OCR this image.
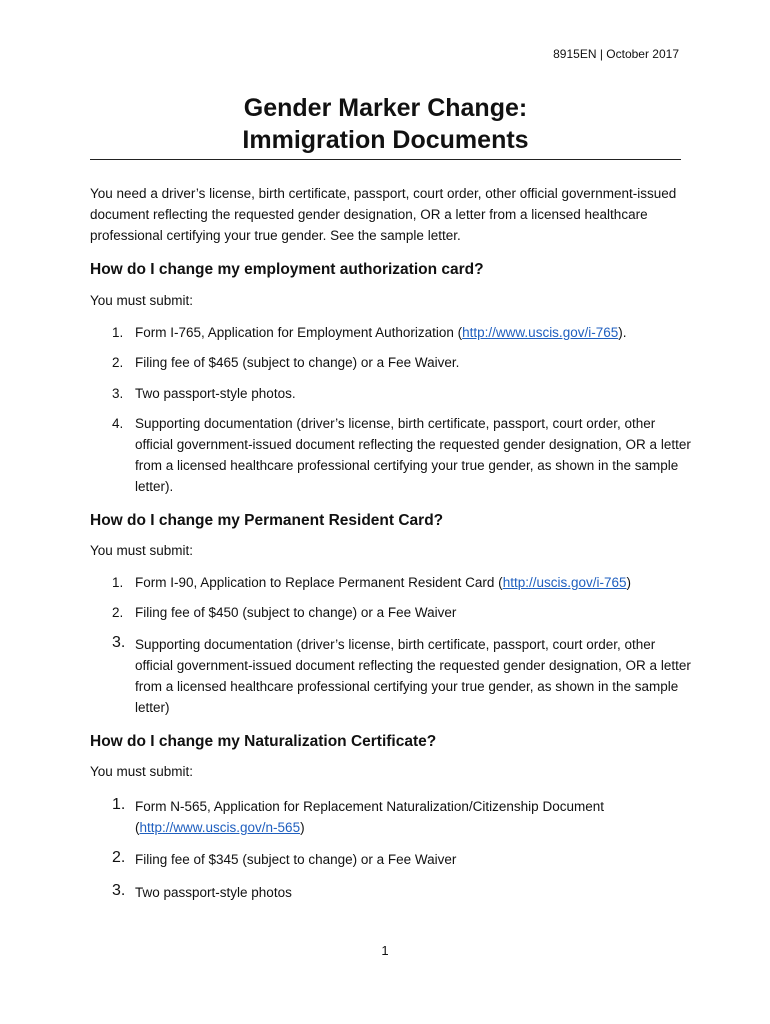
8915EN | October 2017
Gender Marker Change:
Immigration Documents
You need a driver’s license, birth certificate, passport, court order, other official government-issued document reflecting the requested gender designation, OR a letter from a licensed healthcare professional certifying your true gender. See the sample letter.
How do I change my employment authorization card?
You must submit:
1. Form I-765, Application for Employment Authorization (http://www.uscis.gov/i-765).
2. Filing fee of $465 (subject to change) or a Fee Waiver.
3. Two passport-style photos.
4. Supporting documentation (driver’s license, birth certificate, passport, court order, other official government-issued document reflecting the requested gender designation, OR a letter from a licensed healthcare professional certifying your true gender, as shown in the sample letter).
How do I change my Permanent Resident Card?
You must submit:
1. Form I-90, Application to Replace Permanent Resident Card (http://uscis.gov/i-765)
2. Filing fee of $450 (subject to change) or a Fee Waiver
3. Supporting documentation (driver’s license, birth certificate, passport, court order, other official government-issued document reflecting the requested gender designation, OR a letter from a licensed healthcare professional certifying your true gender, as shown in the sample letter)
How do I change my Naturalization Certificate?
You must submit:
1. Form N-565, Application for Replacement Naturalization/Citizenship Document (http://www.uscis.gov/n-565)
2. Filing fee of $345 (subject to change) or a Fee Waiver
3. Two passport-style photos
1
